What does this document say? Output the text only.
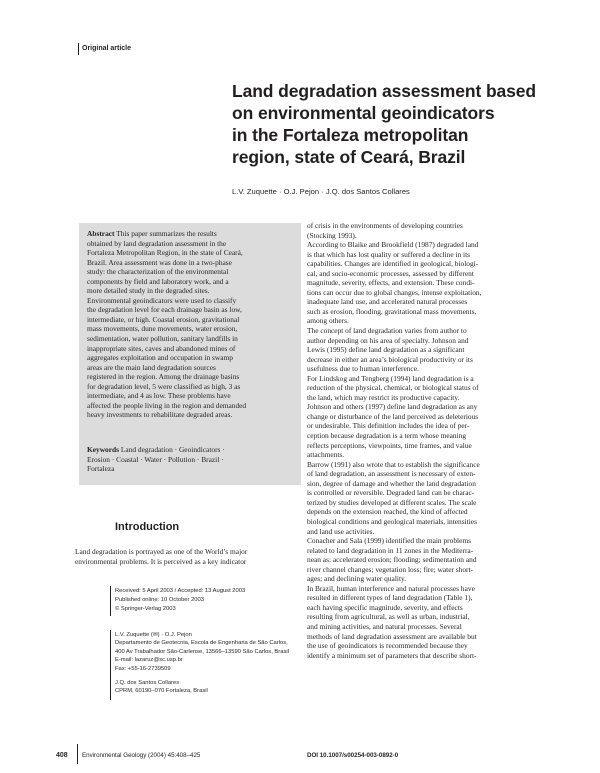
Original article
Land degradation assessment based
on environmental geoindicators
in the Fortaleza metropolitan
region, state of Ceará, Brazil
L.V. Zuquette · O.J. Pejon · J.Q. dos Santos Collares
Abstract This paper summarizes the results
obtained by land degradation assessment in the
Fortaleza Metropolitan Region, in the state of Ceará,
Brazil. Area assessment was done in a two-phase
study: the characterization of the environmental
components by field and laboratory work, and a
more detailed study in the degraded sites.
Environmental geoindicators were used to classify
the degradation level for each drainage basin as low,
intermediate, or high. Coastal erosion, gravitational
mass movements, dune movements, water erosion,
sedimentation, water pollution, sanitary landfills in
inappropriate sites, caves and abandoned mines of
aggregates exploitation and occupation in swamp
areas are the main land degradation sources
registered in the region. Among the drainage basins
for degradation level, 5 were classified as high, 3 as
intermediate, and 4 as low. These problems have
affected the people living in the region and demanded
heavy investments to rehabilitate degraded areas.
Keywords Land degradation · Geoindicators ·
Erosion · Coastal · Water · Pollution · Brazil ·
Fortaleza
Introduction
Land degradation is portrayed as one of the World’s major
environmental problems. It is perceived as a key indicator
Received: 5 April 2003 / Accepted: 13 August 2003
Published online: 10 October 2003
© Springer-Verlag 2003
L.V. Zuquette (✉) · O.J. Pejon
Departamento de Geotecnia, Escola de Engenharia de São Carlos,
400 Av Trabalhador São-Carlense, 13566–13590 São Carlos, Brasil
E-mail: lazaruz@sc.usp.br
Fax: +55-16-2739509
J.Q. dos Santos Collares
CPRM, 60190–070 Fortaleza, Brasil
of crisis in the environments of developing countries
(Stocking 1993).
According to Blaike and Brookfield (1987) degraded land
is that which has lost quality or suffered a decline in its
capabilities. Changes are identified in geological, biologi-
cal, and socio-economic processes, assessed by different
magnitude, severity, effects, and extension. These condi-
tions can occur due to global changes, intense exploitation,
inadequate land use, and accelerated natural processes
such as erosion, flooding, gravitational mass movements,
among others.
The concept of land degradation varies from author to
author depending on his area of specialty. Johnson and
Lewis (1995) define land degradation as a significant
decrease in either an area’s biological productivity or its
usefulness due to human interference.
For Lindskog and Tengberg (1994) land degradation is a
reduction of the physical, chemical, or biological status of
the land, which may restrict its productive capacity.
Johnson and others (1997) define land degradation as any
change or disturbance of the land perceived as deleterious
or undesirable. This definition includes the idea of per-
ception because degradation is a term whose meaning
reflects perceptions, viewpoints, time frames, and value
attachments.
Barrow (1991) also wrote that to establish the significance
of land degradation, an assessment is necessary of exten-
sion, degree of damage and whether the land degradation
is controlled or reversible. Degraded land can be charac-
terized by studies developed at different scales. The scale
depends on the extension reached, the kind of affected
biological conditions and geological materials, intensities
and land use activities.
Conacher and Sala (1999) identified the main problems
related to land degradation in 11 zones in the Mediterra-
nean as: accelerated erosion; flooding; sedimentation and
river channel changes; vegetation loss; fire; water short-
ages; and declining water quality.
In Brazil, human interference and natural processes have
resulted in different types of land degradation (Table 1),
each having specific magnitude, severity, and effects
resulting from agricultural, as well as urban, industrial,
and mining activities, and natural processes. Several
methods of land degradation assessment are available but
the use of geoindicators is recommended because they
identify a minimum set of parameters that describe short-
408 Environmental Geology (2004) 45:408–425	DOI 10.1007/s00254-003-0892-0
